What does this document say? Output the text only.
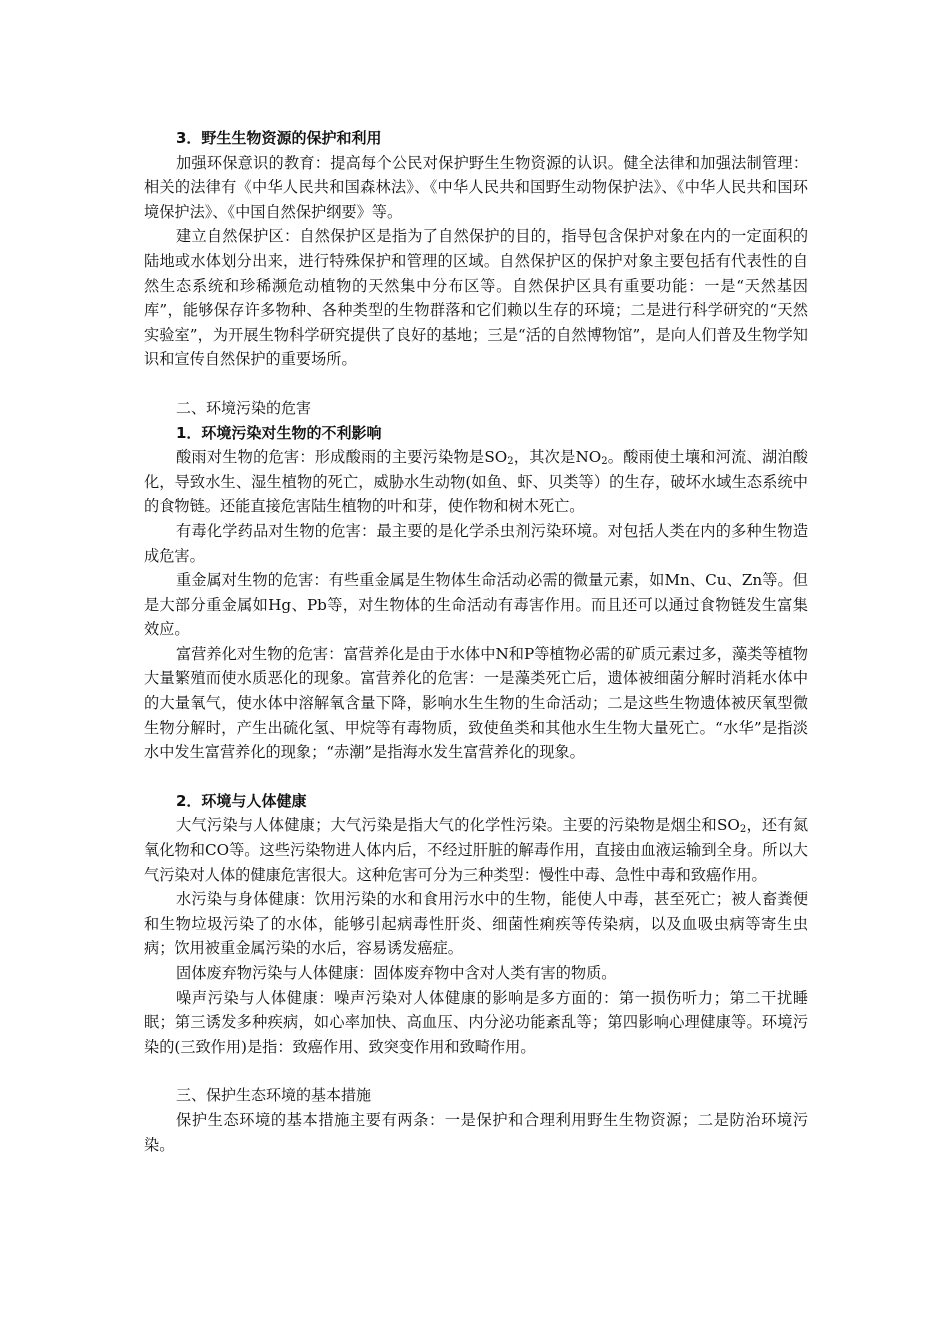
3．野生生物资源的保护和利用

加强环保意识的教育：提高每个公民对保护野生生物资源的认识。健全法律和加强法制管理：相关的法律有《中华人民共和国森林法》、《中华人民共和国野生动物保护法》、《中华人民共和国环境保护法》、《中国自然保护纲要》等。

建立自然保护区：自然保护区是指为了自然保护的目的，指导包含保护对象在内的一定面积的陆地或水体划分出来，进行特殊保护和管理的区域。自然保护区的保护对象主要包括有代表性的自然生态系统和珍稀濒危动植物的天然集中分布区等。自然保护区具有重要功能：一是“天然基因库”，能够保存许多物种、各种类型的生物群落和它们赖以生存的环境；二是进行科学研究的“天然实验室”，为开展生物科学研究提供了良好的基地；三是“活的自然博物馆”，是向人们普及生物学知识和宣传自然保护的重要场所。

二、环境污染的危害

1．环境污染对生物的不利影响

酸雨对生物的危害：形成酸雨的主要污染物是$SO_2$，其次是$NO_2$。酸雨使土壤和河流、湖泊酸化，导致水生、湿生植物的死亡，威胁水生动物(如鱼、虾、贝类等）的生存，破坏水域生态系统中的食物链。还能直接危害陆生植物的叶和芽，使作物和树木死亡。

有毒化学药品对生物的危害：最主要的是化学杀虫剂污染环境。对包括人类在内的多种生物造成危害。

重金属对生物的危害：有些重金属是生物体生命活动必需的微量元素，如Mn、Cu、Zn等。但是大部分重金属如Hg、Pb等，对生物体的生命活动有毒害作用。而且还可以通过食物链发生富集效应。

富营养化对生物的危害：富营养化是由于水体中N和P等植物必需的矿质元素过多，藻类等植物大量繁殖而使水质恶化的现象。富营养化的危害：一是藻类死亡后，遗体被细菌分解时消耗水体中的大量氧气，使水体中溶解氧含量下降，影响水生生物的生命活动；二是这些生物遗体被厌氧型微生物分解时，产生出硫化氢、甲烷等有毒物质，致使鱼类和其他水生生物大量死亡。“水华”是指淡水中发生富营养化的现象；“赤潮”是指海水发生富营养化的现象。

2．环境与人体健康

大气污染与人体健康；大气污染是指大气的化学性污染。主要的污染物是烟尘和$SO_2$，还有氮氧化物和CO等。这些污染物进人体内后，不经过肝脏的解毒作用，直接由血液运输到全身。所以大气污染对人体的健康危害很大。这种危害可分为三种类型：慢性中毒、急性中毒和致癌作用。

水污染与身体健康：饮用污染的水和食用污水中的生物，能使人中毒，甚至死亡；被人畜粪便和生物垃圾污染了的水体，能够引起病毒性肝炎、细菌性痢疾等传染病，以及血吸虫病等寄生虫病；饮用被重金属污染的水后，容易诱发癌症。

固体废弃物污染与人体健康：固体废弃物中含对人类有害的物质。

噪声污染与人体健康：噪声污染对人体健康的影响是多方面的：第一损伤听力；第二干扰睡眠；第三诱发多种疾病，如心率加快、高血压、内分泌功能紊乱等；第四影响心理健康等。环境污染的(三致作用)是指：致癌作用、致突变作用和致畸作用。

三、保护生态环境的基本措施

保护生态环境的基本措施主要有两条：一是保护和合理利用野生生物资源；二是防治环境污染。
